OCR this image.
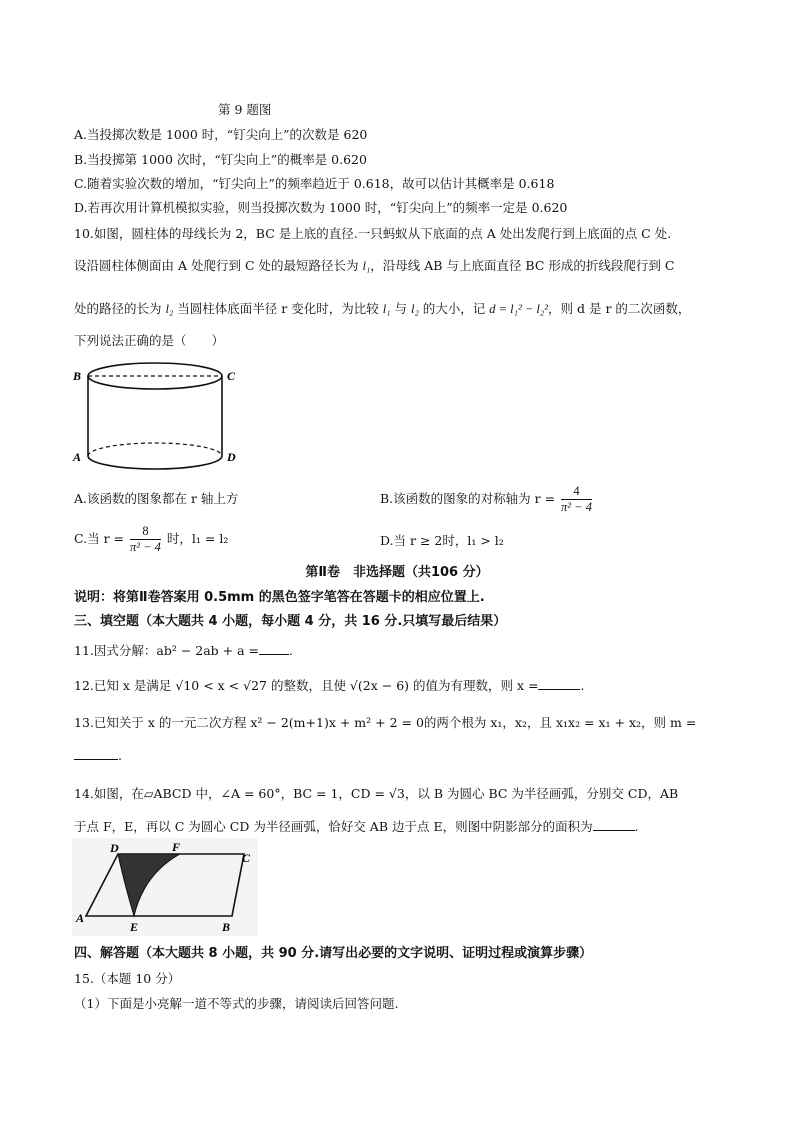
第 9 题图
A.当投掷次数是 1000 时，“钉尖向上”的次数是 620
B.当投掷第 1000 次时，“钉尖向上”的概率是 0.620
C.随着实验次数的增加，“钉尖向上”的频率趋近于 0.618，故可以估计其概率是 0.618
D.若再次用计算机模拟实验，则当投掷次数为 1000 时，“钉尖向上”的频率一定是 0.620
10.如图，圆柱体的母线长为 2，BC 是上底的直径.一只蚂蚁从下底面的点 A 处出发爬行到上底面的点 C 处.
设沿圆柱体侧面由 A 处爬行到 C 处的最短路径长为 l₁，沿母线 AB 与上底面直径 BC 形成的折线段爬行到 C
处的路径的长为 l₂ 当圆柱体底面半径 r 变化时，为比较 l₁ 与 l₂ 的大小，记 d = l₁² − l₂²，则 d 是 r 的二次函数，
下列说法正确的是（　　）
B	C
A	D
A.该函数的图象都在 r 轴上方	B.该函数的图象的对称轴为 $r = \frac{4}{\text{π² − 4}}$
C.当 $r = \frac{8}{\text{π² − 4}}$ 时，l₁ = l₂	D.当 r ≥ 2时，l₁ > l₂
第Ⅱ卷　非选择题（共106 分）
说明：将第Ⅱ卷答案用 0.5mm 的黑色签字笔答在答题卡的相应位置上.
三、填空题（本大题共 4 小题，每小题 4 分，共 16 分.只填写最后结果）
11.因式分解：ab² − 2ab + a = .
12.已知 x 是满足 √10 < x < √27 的整数，且使 √(2x − 6) 的值为有理数，则 x =	.
13.已知关于 x 的一元二次方程 x² − 2(m+1)x + m² + 2 = 0的两个根为 x₁，x₂，且 x₁x₂ = x₁ + x₂，则 m =
.
14.如图，在▱ABCD 中，∠A = 60°，BC = 1，CD = √3，以 B 为圆心 BC 为半径画弧，分别交 CD，AB
于点 F，E，再以 C 为圆心 CD 为半径画弧，恰好交 AB 边于点 E，则图中阴影部分的面积为	.
D	F
C
A
E	B
四、解答题（本大题共 8 小题，共 90 分.请写出必要的文字说明、证明过程或演算步骤）
15.（本题 10 分）
（1）下面是小亮解一道不等式的步骤，请阅读后回答问题.
